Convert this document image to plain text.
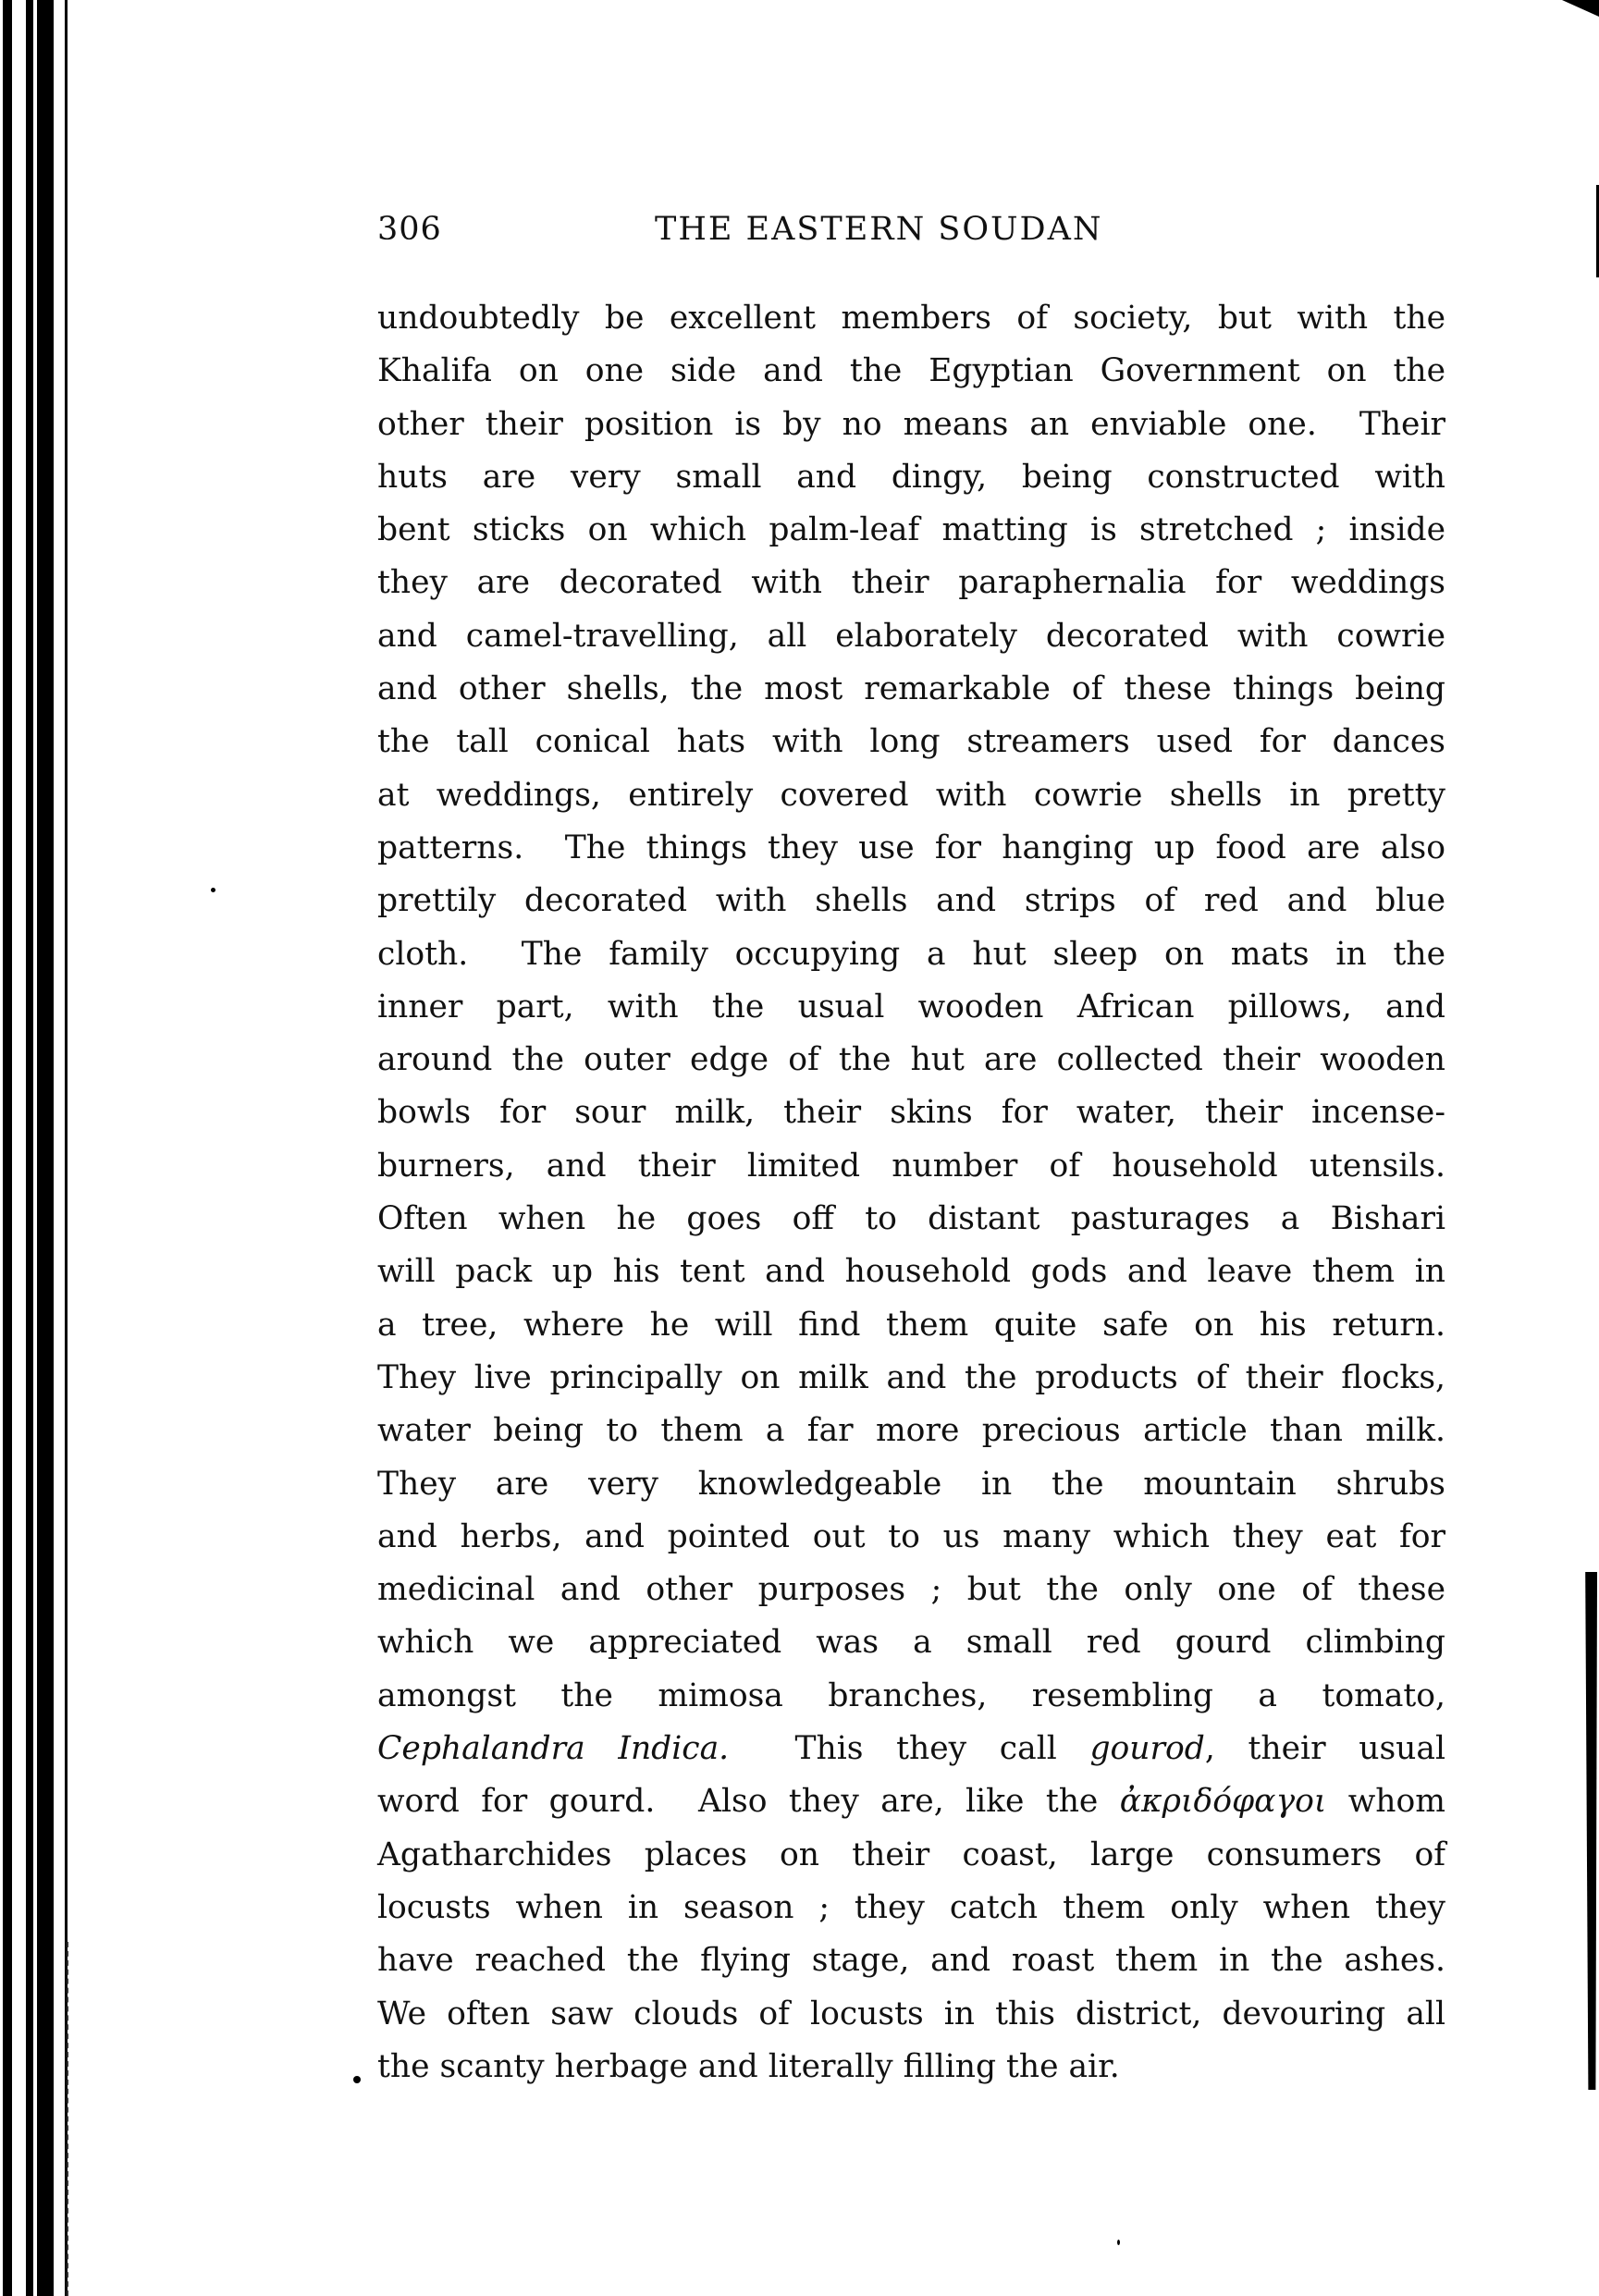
306	THE EASTERN SOUDAN
undoubtedly be excellent members of society, but with the
Khalifa on one side and the Egyptian Government on the
other their position is by no means an enviable one.  Their
huts are very small and dingy, being constructed with
bent sticks on which palm-leaf matting is stretched ; inside
they are decorated with their paraphernalia for weddings
and camel-travelling, all elaborately decorated with cowrie
and other shells, the most remarkable of these things being
the tall conical hats with long streamers used for dances
at weddings, entirely covered with cowrie shells in pretty
patterns.  The things they use for hanging up food are also
prettily decorated with shells and strips of red and blue
cloth.  The family occupying a hut sleep on mats in the
inner part, with the usual wooden African pillows, and
around the outer edge of the hut are collected their wooden
bowls for sour milk, their skins for water, their incense-
burners, and their limited number of household utensils.
Often when he goes off to distant pasturages a Bishari
will pack up his tent and household gods and leave them in
a tree, where he will find them quite safe on his return.
They live principally on milk and the products of their flocks,
water being to them a far more precious article than milk.
They are very knowledgeable in the mountain shrubs
and herbs, and pointed out to us many which they eat for
medicinal and other purposes ; but the only one of these
which we appreciated was a small red gourd climbing
amongst the mimosa branches, resembling a tomato,
Cephalandra Indica.  This they call gourod, their usual
word for gourd.  Also they are, like the ἀκριδόφαγοι whom
Agatharchides places on their coast, large consumers of
locusts when in season ; they catch them only when they
have reached the flying stage, and roast them in the ashes.
We often saw clouds of locusts in this district, devouring all
the scanty herbage and literally filling the air.
